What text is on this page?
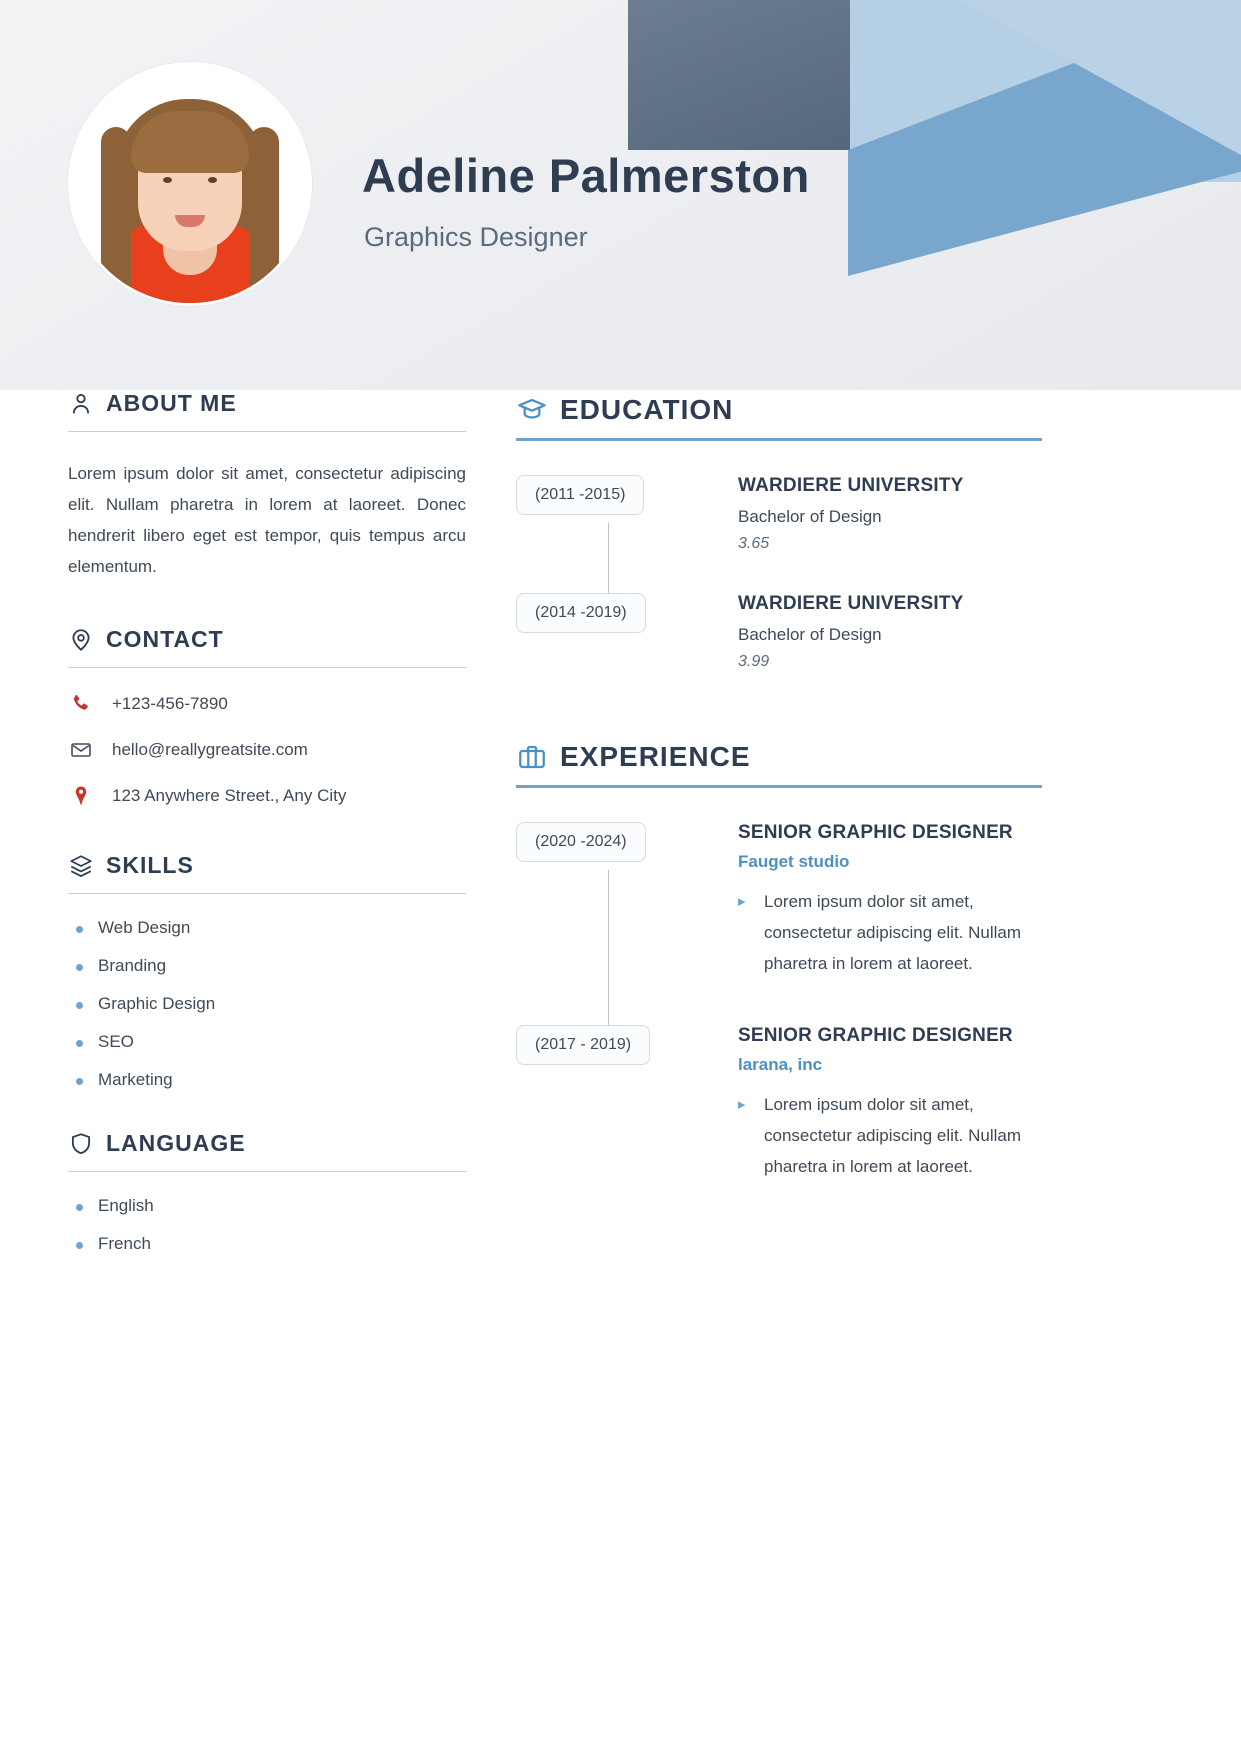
Adeline Palmerston
Graphics Designer
ABOUT ME

Lorem ipsum dolor sit amet, consectetur adipiscing elit. Nullam pharetra in lorem at laoreet. Donec hendrerit libero eget est tempor, quis tempus arcu elementum.

CONTACT
+123-456-7890
hello@reallygreatsite.com
123 Anywhere Street., Any City
SKILLS
Web Design
Branding
Graphic Design
SEO
Marketing
LANGUAGE
English
French
EDUCATION
(2011 -2015)	WARDIERE UNIVERSITY
Bachelor of Design
3.65
(2014 -2019)	WARDIERE UNIVERSITY
Bachelor of Design
3.99
EXPERIENCE
(2020 -2024)	SENIOR GRAPHIC DESIGNER
Fauget studio
▸ Lorem ipsum dolor sit amet, consectetur adipiscing elit. Nullam pharetra in lorem at laoreet.
(2017 - 2019)	SENIOR GRAPHIC DESIGNER
larana, inc
▸ Lorem ipsum dolor sit amet, consectetur adipiscing elit. Nullam pharetra in lorem at laoreet.
